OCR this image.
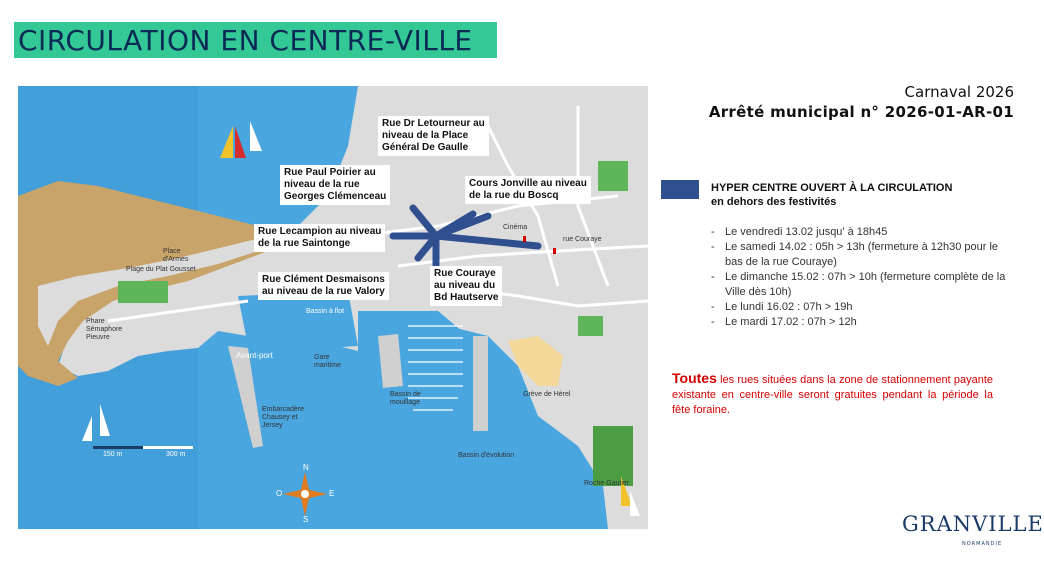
CIRCULATION EN CENTRE-VILLE
Bassin à flot
Avant-port	Gare
maritime
Embarcadère
Chausey et
Jersey
Bassin de
mouillage
Bassin d'évolution
Grève de Hérel
Plage du Plat Gousset
Phare
Sémaphore
Pieuvre
Place
d'Armes
Roche Gautier
Cinéma
rue Couraye
150 m	300 m
N
S
E
O
Rue Dr Letourneur au
niveau de la Place
Général De Gaulle
Rue Paul Poirier au
niveau de la rue
Georges Clémenceau
Cours Jonville au niveau
de la rue du Boscq
Rue Lecampion au niveau
de la rue Saintonge
Rue Clément Desmaisons
au niveau de la rue Valory
Rue Couraye
au niveau du
Bd Hautserve
Carnaval 2026
Arrêté municipal n° 2026-01-AR-01
HYPER CENTRE OUVERT À LA CIRCULATION
en dehors des festivités
- Le vendredi 13.02 jusqu' à 18h45
- Le samedi 14.02 : 05h > 13h (fermeture à 12h30 pour le bas de la rue Couraye)
- Le dimanche 15.02 : 07h > 10h (fermeture complète de la Ville dès 10h)
- Le lundi 16.02 : 07h > 19h
- Le mardi 17.02 : 07h > 12h
Toutes les rues situées dans la zone de stationnement payante existante en centre-ville seront gratuites pendant la période la fête foraine.
GRANVILLE
NORMANDIE
